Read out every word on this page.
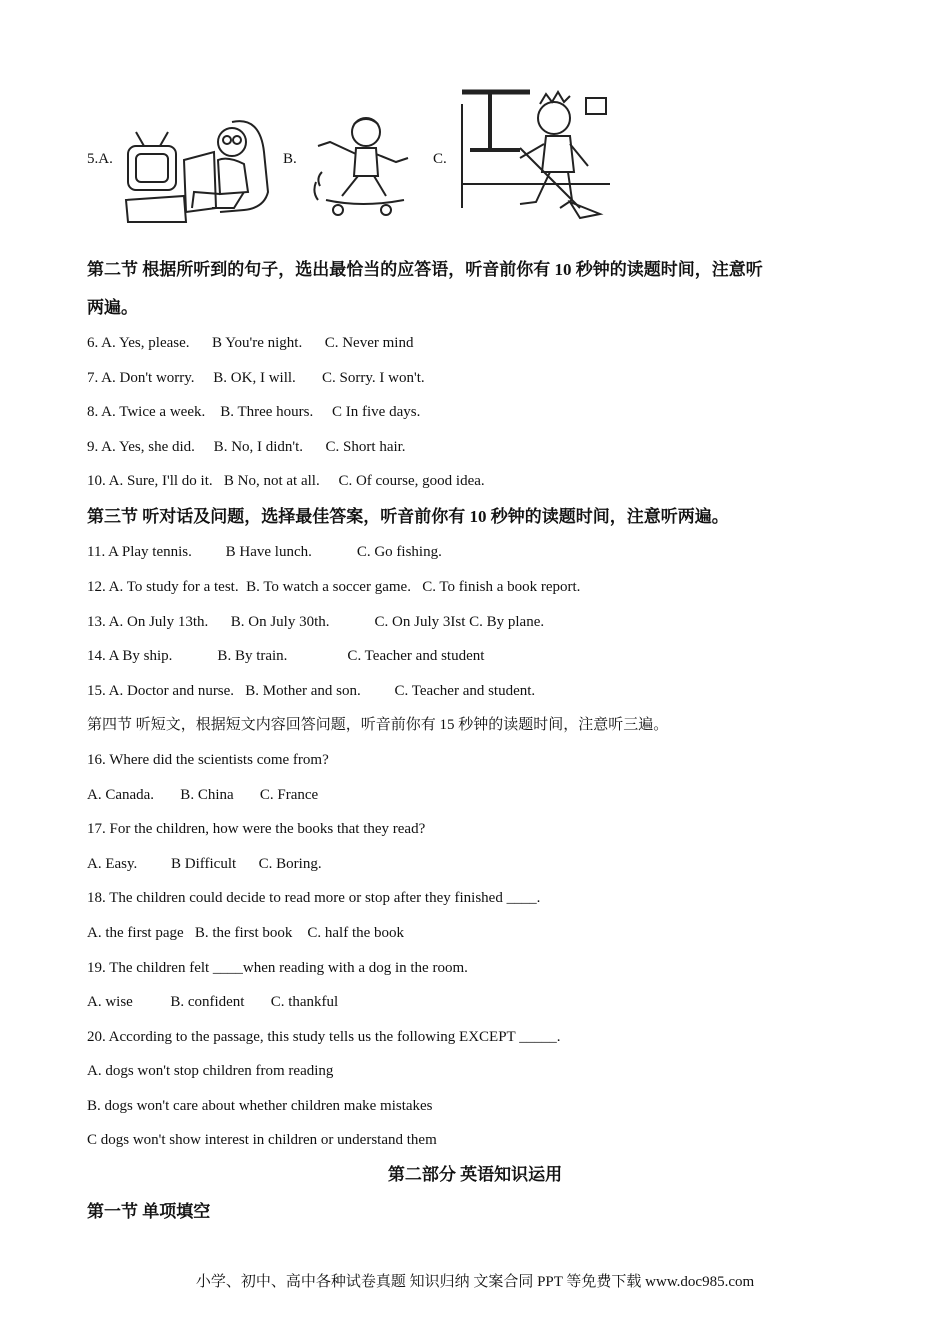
5.A.	B.	C.
第二节 根据所听到的句子，选出最恰当的应答语，听音前你有 10 秒钟的读题时间，注意听
两遍。
6. A. Yes, please.      B You're night.      C. Never mind
7. A. Don't worry.     B. OK, I will.       C. Sorry. I won't.
8. A. Twice a week.    B. Three hours.     C In five days.
9. A. Yes, she did.     B. No, I didn't.      C. Short hair.
10. A. Sure, I'll do it.   B No, not at all.     C. Of course, good idea.
第三节 听对话及问题，选择最佳答案，听音前你有 10 秒钟的读题时间，注意听两遍。
11. A Play tennis.         B Have lunch.            C. Go fishing.
12. A. To study for a test.  B. To watch a soccer game.   C. To finish a book report.
13. A. On July 13th.      B. On July 30th.            C. On July 3Ist C. By plane.
14. A By ship.            B. By train.                C. Teacher and student
15. A. Doctor and nurse.   B. Mother and son.         C. Teacher and student.
第四节 听短文，根据短文内容回答问题，听音前你有 15 秒钟的读题时间，注意听三遍。
16. Where did the scientists come from?
A. Canada.       B. China       C. France
17. For the children, how were the books that they read?
A. Easy.         B Difficult      C. Boring.
18. The children could decide to read more or stop after they finished ____.
A. the first page   B. the first book    C. half the book
19. The children felt ____when reading with a dog in the room.
A. wise          B. confident       C. thankful
20. According to the passage, this study tells us the following EXCEPT _____.
A. dogs won't stop children from reading
B. dogs won't care about whether children make mistakes
C dogs won't show interest in children or understand them
第二部分 英语知识运用
第一节 单项填空
小学、初中、高中各种试卷真题 知识归纳 文案合同 PPT 等免费下载 www.doc985.com
